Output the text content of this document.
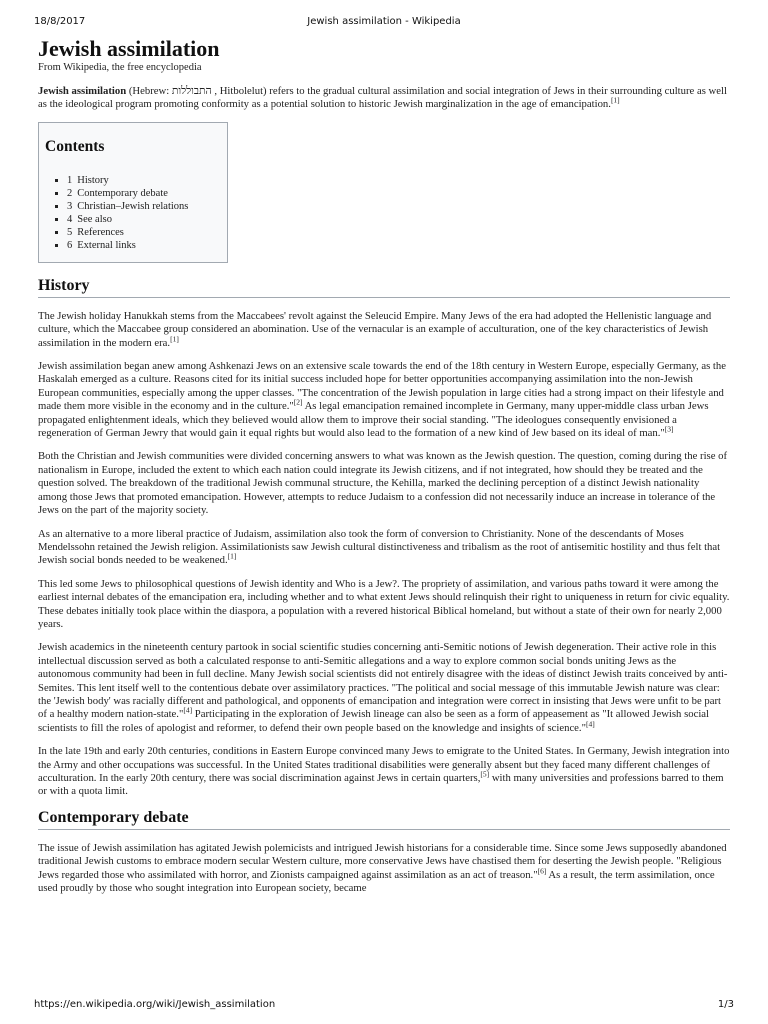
18/8/2017	Jewish assimilation - Wikipedia
Jewish assimilation
From Wikipedia, the free encyclopedia

Jewish assimilation (Hebrew: התבוללות , Hitbolelut) refers to the gradual cultural assimilation and social integration of Jews in their surrounding culture as well as the ideological program promoting conformity as a potential solution to historic Jewish marginalization in the age of emancipation.[1]

Contents
▪ 1 History
▪ 2 Contemporary debate
▪ 3 Christian–Jewish relations
▪ 4 See also
▪ 5 References
▪ 6 External links
History

The Jewish holiday Hanukkah stems from the Maccabees' revolt against the Seleucid Empire. Many Jews of the era had adopted the Hellenistic language and culture, which the Maccabee group considered an abomination. Use of the vernacular is an example of acculturation, one of the key characteristics of Jewish assimilation in the modern era.[1]

Jewish assimilation began anew among Ashkenazi Jews on an extensive scale towards the end of the 18th century in Western Europe, especially Germany, as the Haskalah emerged as a culture. Reasons cited for its initial success included hope for better opportunities accompanying assimilation into the non-Jewish European communities, especially among the upper classes. "The concentration of the Jewish population in large cities had a strong impact on their lifestyle and made them more visible in the economy and in the culture."[2] As legal emancipation remained incomplete in Germany, many upper-middle class urban Jews propagated enlightenment ideals, which they believed would allow them to improve their social standing. "The ideologues consequently envisioned a regeneration of German Jewry that would gain it equal rights but would also lead to the formation of a new kind of Jew based on its ideal of man."[3]

Both the Christian and Jewish communities were divided concerning answers to what was known as the Jewish question. The question, coming during the rise of nationalism in Europe, included the extent to which each nation could integrate its Jewish citizens, and if not integrated, how should they be treated and the question solved. The breakdown of the traditional Jewish communal structure, the Kehilla, marked the declining perception of a distinct Jewish nationality among those Jews that promoted emancipation. However, attempts to reduce Judaism to a confession did not necessarily induce an increase in tolerance of the Jews on the part of the majority society.

As an alternative to a more liberal practice of Judaism, assimilation also took the form of conversion to Christianity. None of the descendants of Moses Mendelssohn retained the Jewish religion. Assimilationists saw Jewish cultural distinctiveness and tribalism as the root of antisemitic hostility and thus felt that Jewish social bonds needed to be weakened.[1]

This led some Jews to philosophical questions of Jewish identity and Who is a Jew?. The propriety of assimilation, and various paths toward it were among the earliest internal debates of the emancipation era, including whether and to what extent Jews should relinquish their right to uniqueness in return for civic equality. These debates initially took place within the diaspora, a population with a revered historical Biblical homeland, but without a state of their own for nearly 2,000 years.

Jewish academics in the nineteenth century partook in social scientific studies concerning anti-Semitic notions of Jewish degeneration. Their active role in this intellectual discussion served as both a calculated response to anti-Semitic allegations and a way to explore common social bonds uniting Jews as the autonomous community had been in full decline. Many Jewish social scientists did not entirely disagree with the ideas of distinct Jewish traits conceived by anti-Semites. This lent itself well to the contentious debate over assimilatory practices. "The political and social message of this immutable Jewish nature was clear: the 'Jewish body' was racially different and pathological, and opponents of emancipation and integration were correct in insisting that Jews were unfit to be part of a healthy modern nation-state."[4] Participating in the exploration of Jewish lineage can also be seen as a form of appeasement as "It allowed Jewish social scientists to fill the roles of apologist and reformer, to defend their own people based on the knowledge and insights of science."[4]

In the late 19th and early 20th centuries, conditions in Eastern Europe convinced many Jews to emigrate to the United States. In Germany, Jewish integration into the Army and other occupations was successful. In the United States traditional disabilities were generally absent but they faced many different challenges of acculturation. In the early 20th century, there was social discrimination against Jews in certain quarters,[5] with many universities and professions barred to them or with a quota limit.

Contemporary debate

The issue of Jewish assimilation has agitated Jewish polemicists and intrigued Jewish historians for a considerable time. Since some Jews supposedly abandoned traditional Jewish customs to embrace modern secular Western culture, more conservative Jews have chastised them for deserting the Jewish people. "Religious Jews regarded those who assimilated with horror, and Zionists campaigned against assimilation as an act of treason."[6] As a result, the term assimilation, once used proudly by those who sought integration into European society, became

https://en.wikipedia.org/wiki/Jewish_assimilation	1/3
